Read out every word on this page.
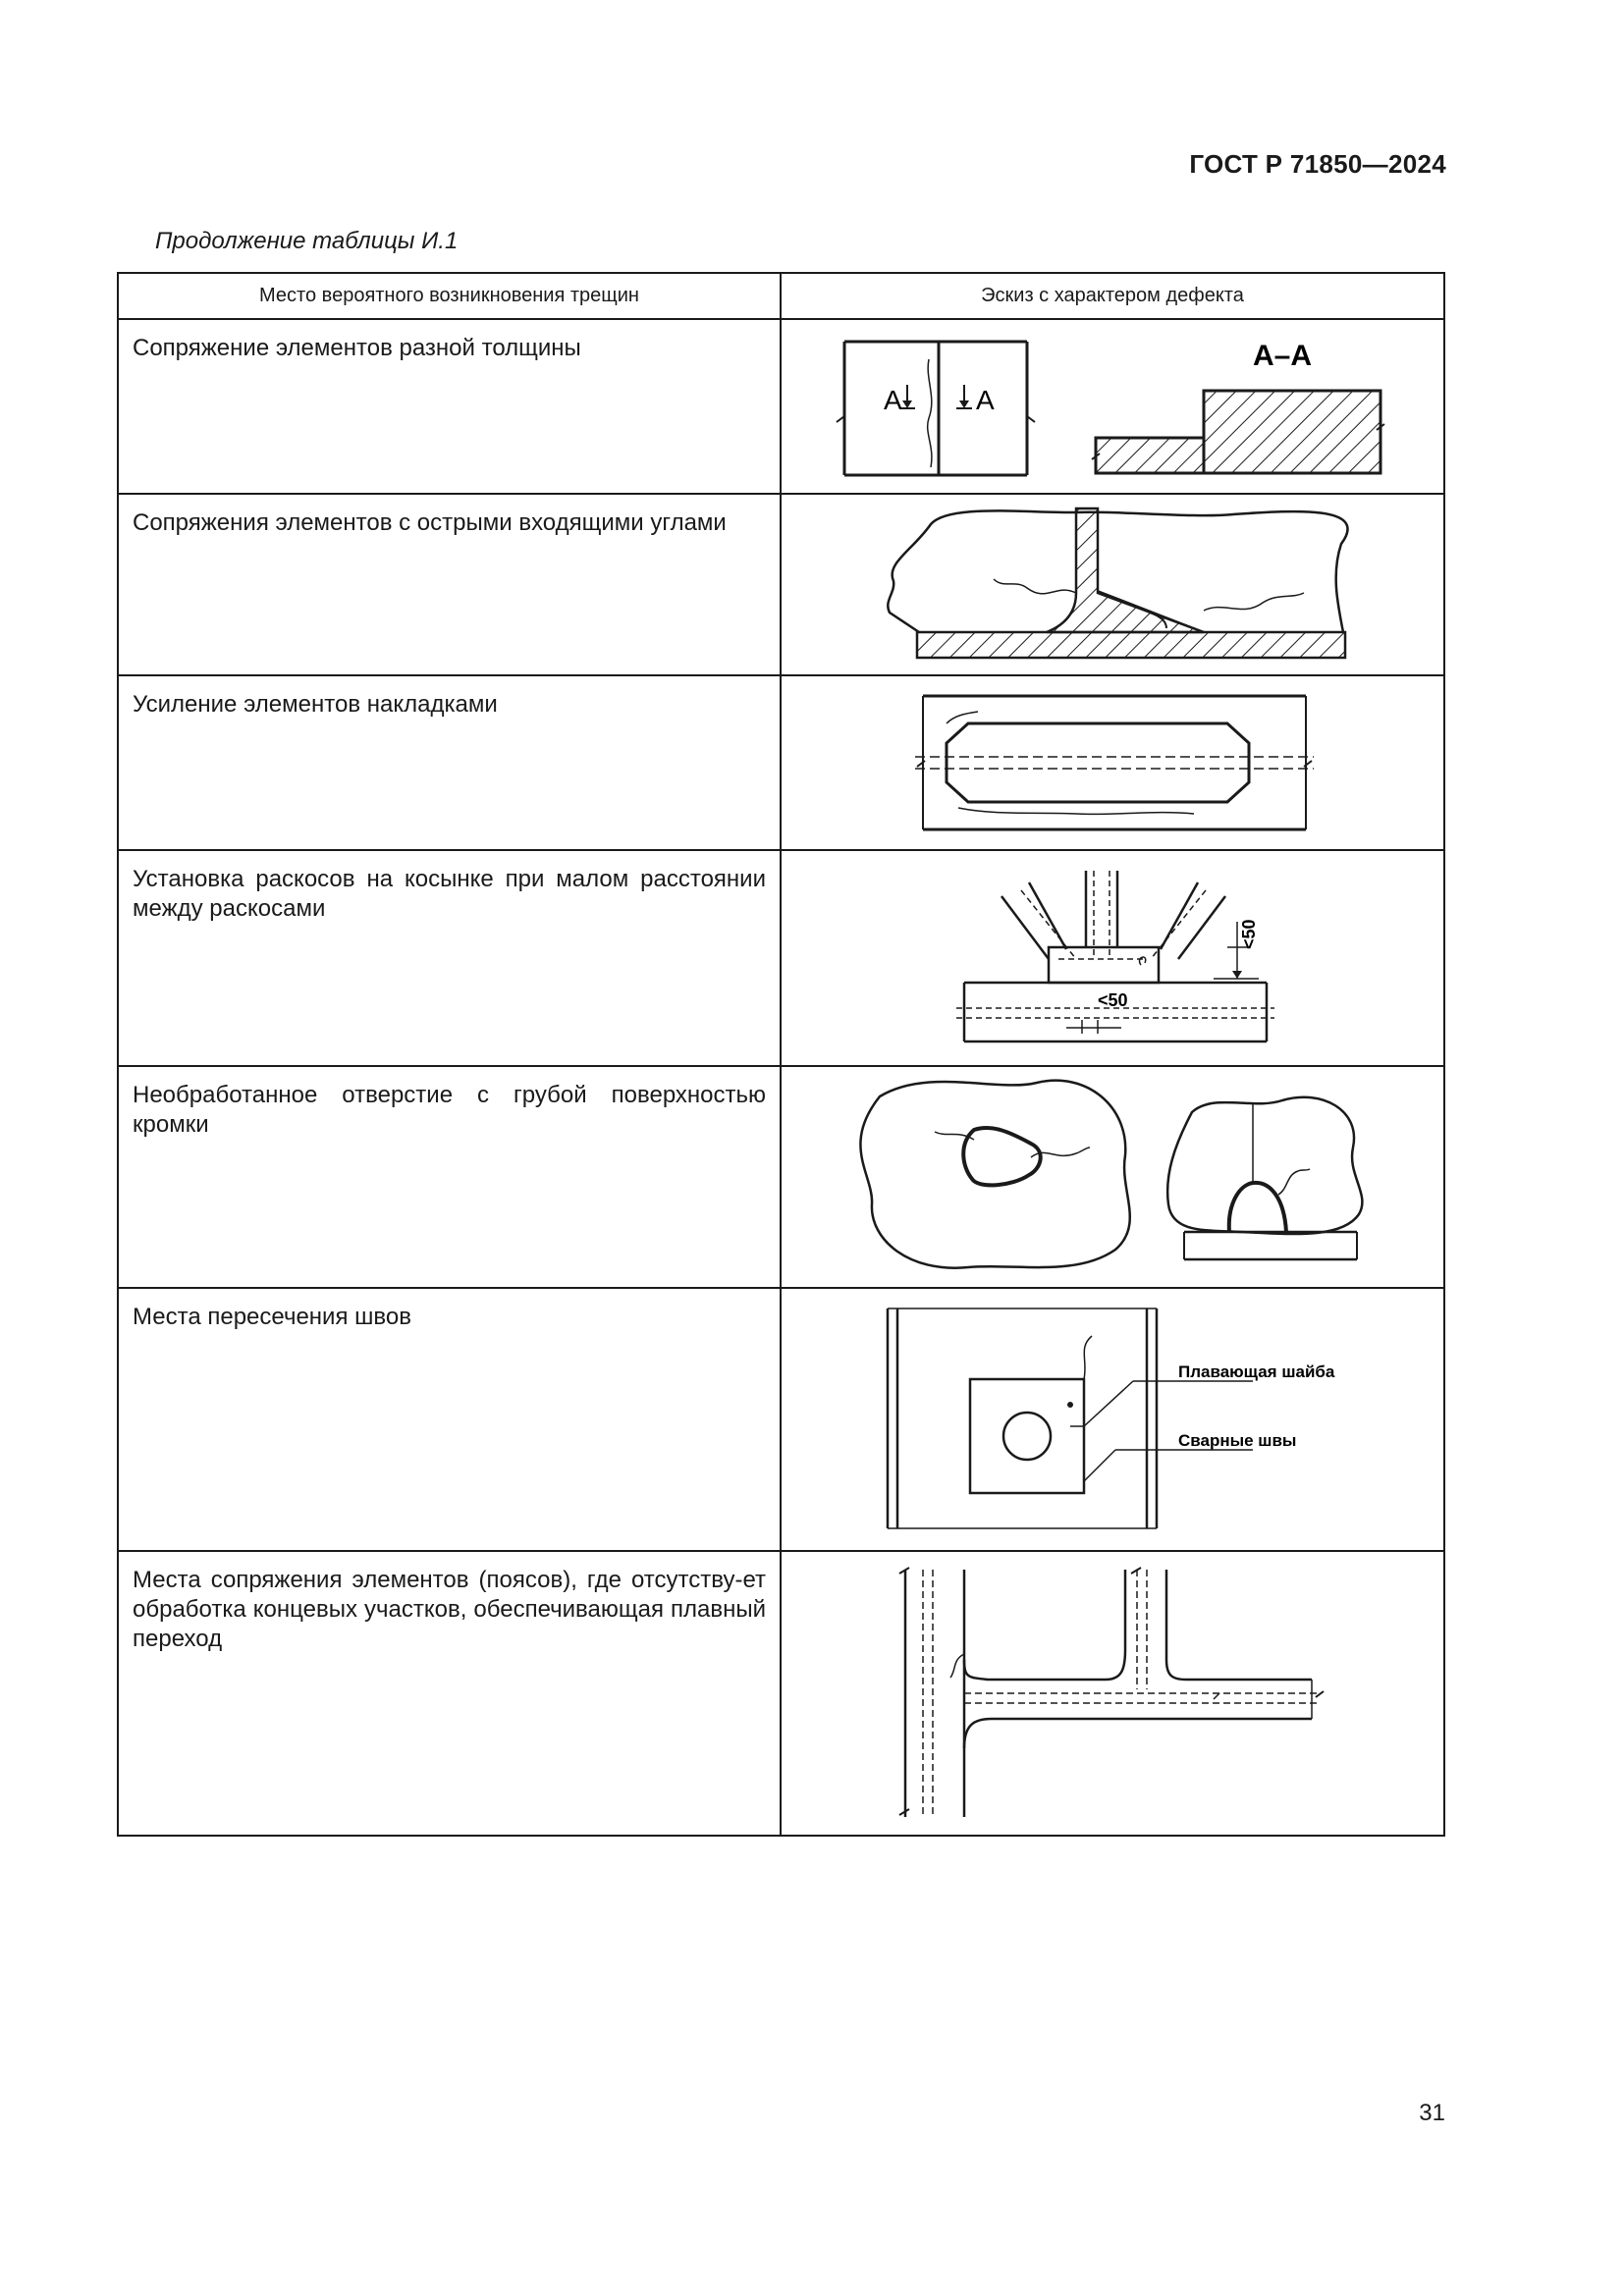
ГОСТ Р 71850—2024
Продолжение таблицы И.1
Место вероятного возникновения трещин	Эскиз с характером дефекта

Сопряжение элементов разной толщины	А А
А–А

Сопряжения элементов с острыми входящими углами

Усиление элементов накладками

Установка раскосов на косынке при малом расстоянии между раскосами	<50
<50

Необработанное отверстие с грубой поверхностью кромки

Места пересечения швов	Плавающая шайба
Сварные швы

Места сопряжения элементов (поясов), где отсутству-ет обработка концевых участков, обеспечивающая плавный переход

31
